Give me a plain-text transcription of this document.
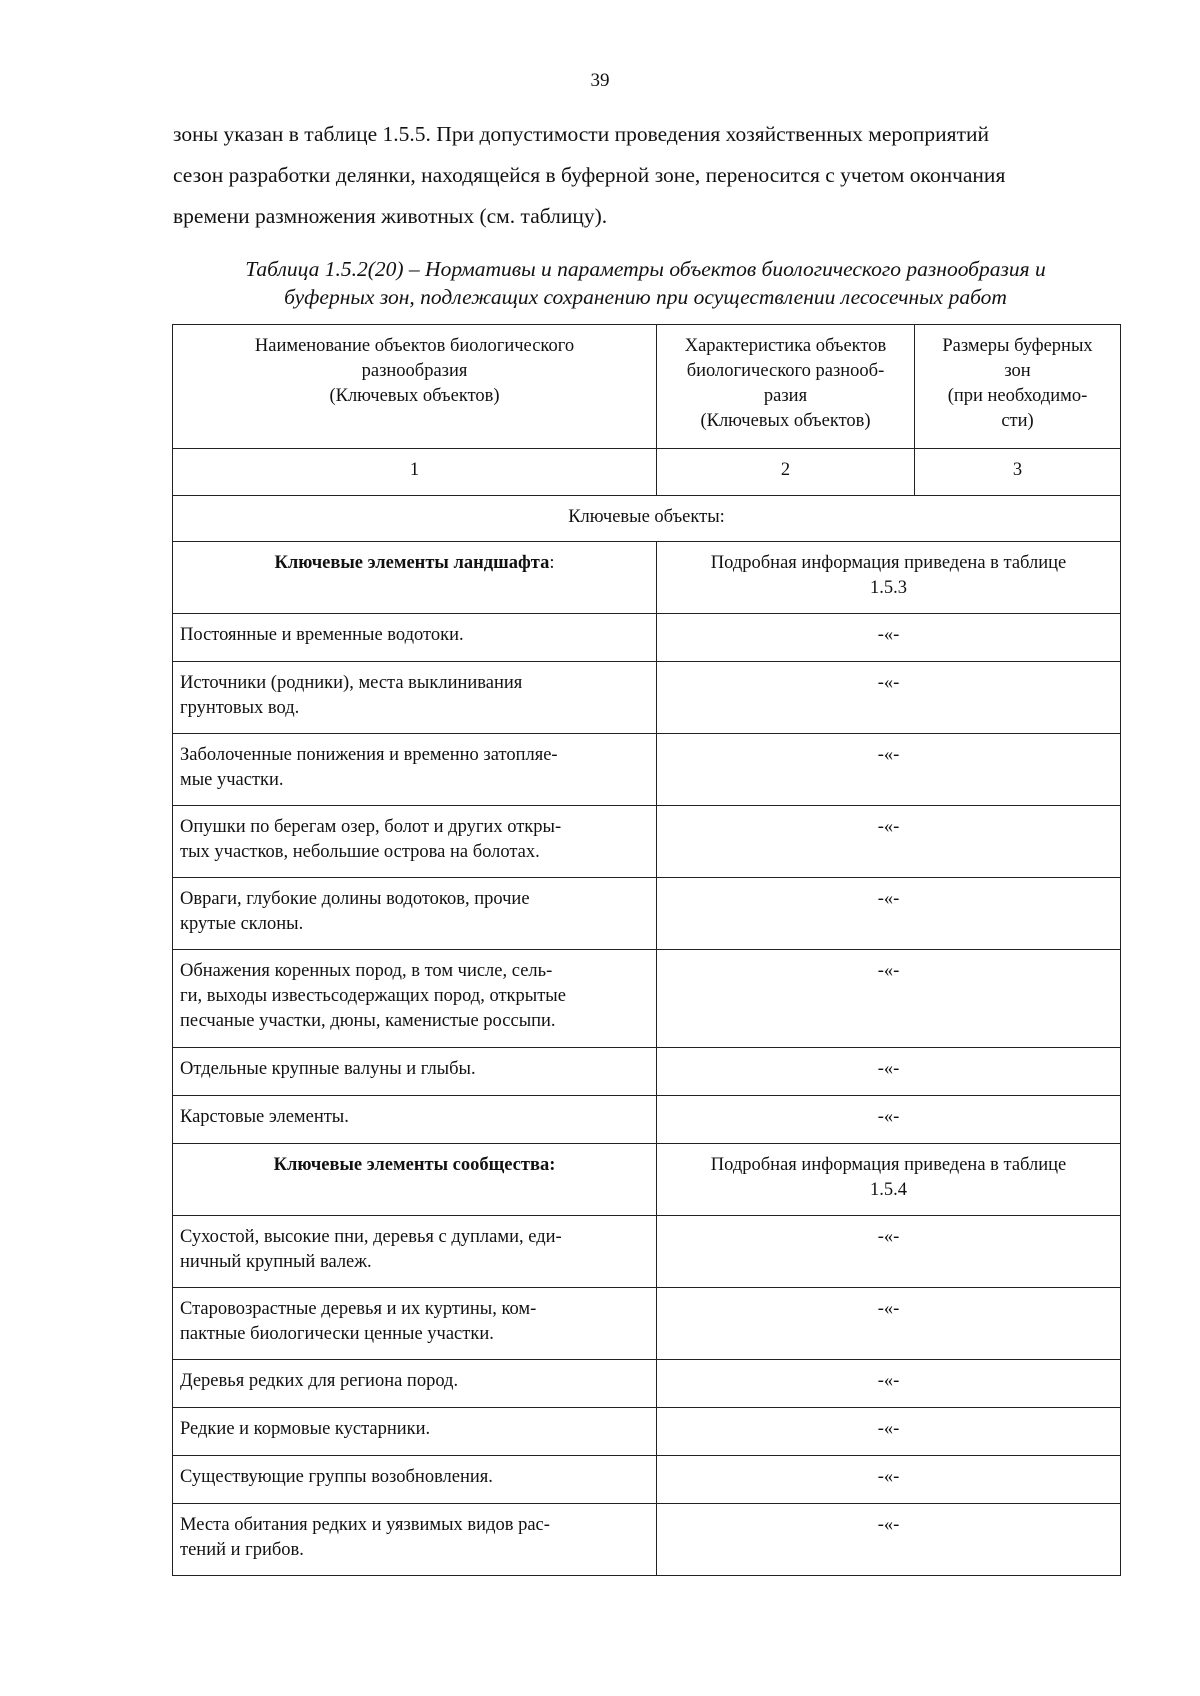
39

зоны указан в таблице 1.5.5. При допустимости проведения хозяйственных мероприятий

сезон разработки делянки, находящейся в буферной зоне, переносится с учетом окончания

времени размножения животных (см. таблицу).

Таблица 1.5.2(20) – Нормативы и параметры объектов биологического разнообразия и
буферных зон, подлежащих сохранению при осуществлении лесосечных работ
Наименование объектов биологического
разнообразия
(Ключевых объектов)	Характеристика объектов
биологического разнооб-
разия
(Ключевых объектов)	Размеры буферных
зон
(при необходимо-
сти)
1	2	3
Ключевые объекты:		
Ключевые элементы ландшафта:	Подробная информация приведена в таблице
1.5.3	
Постоянные и временные водотоки.	-«-	
Источники (родники), места выклинивания
грунтовых вод.	-«-	
Заболоченные понижения и временно затопляе-
мые участки.	-«-	
Опушки по берегам озер, болот и других откры-
тых участков, небольшие острова на болотах.	-«-	
Овраги, глубокие долины водотоков, прочие
крутые склоны.	-«-	
Обнажения коренных пород, в том числе, сель-
ги, выходы известьсодержащих пород, открытые
песчаные участки, дюны, каменистые россыпи.	-«-	
Отдельные крупные валуны и глыбы.	-«-	
Карстовые элементы.	-«-	
Ключевые элементы сообщества:	Подробная информация приведена в таблице
1.5.4	
Сухостой, высокие пни, деревья с дуплами, еди-
ничный крупный валеж.	-«-	
Старовозрастные деревья и их куртины, ком-
пактные биологически ценные участки.	-«-	
Деревья редких для региона пород.	-«-	
Редкие и кормовые кустарники.	-«-	
Существующие группы возобновления.	-«-	
Места обитания редких и уязвимых видов рас-
тений и грибов.	-«-	
